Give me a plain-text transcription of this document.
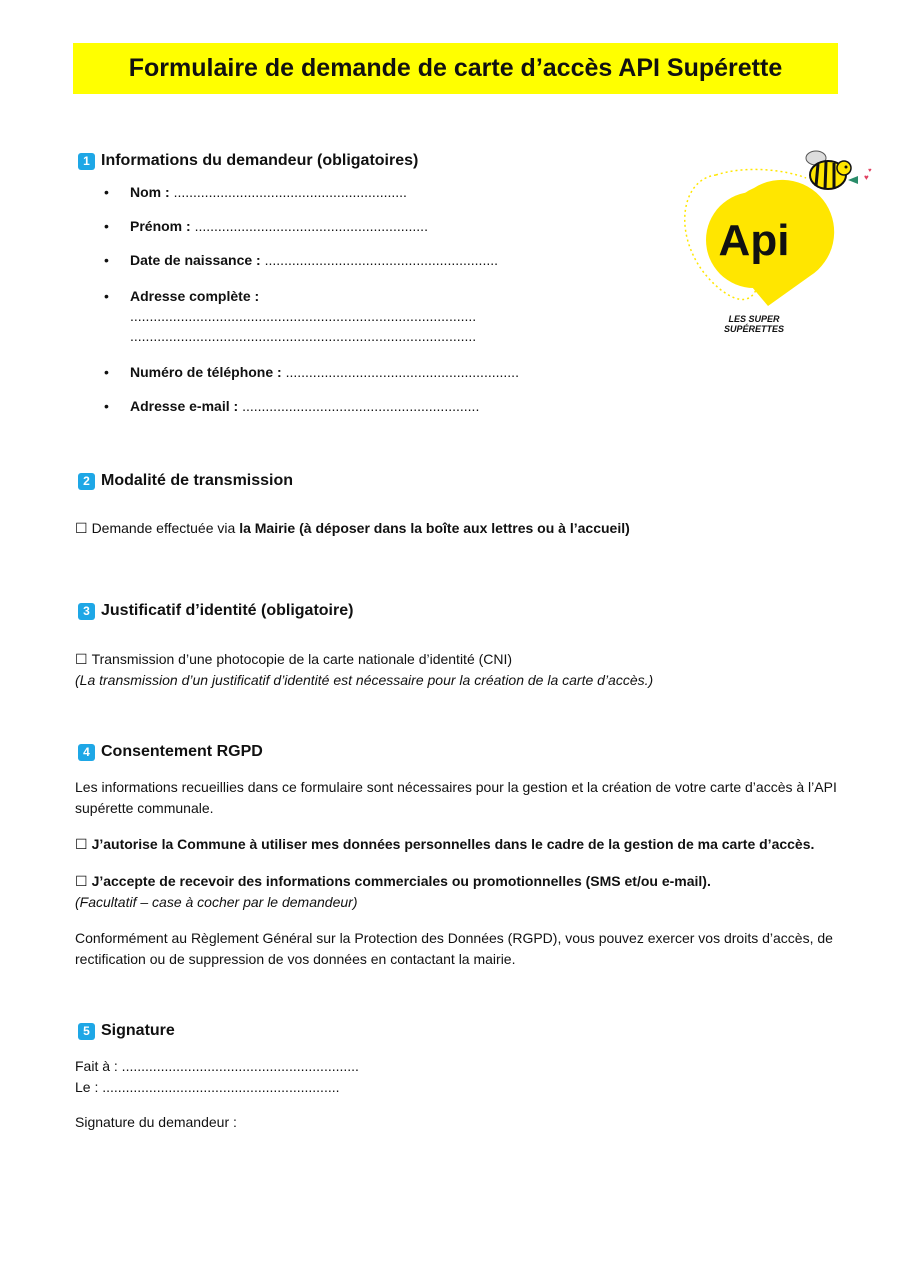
Formulaire de demande de carte d’accès API Supérette
Api
LES SUPER
SUPÉRETTES
♥
♥
1 Informations du demandeur (obligatoires)
• Nom : ............................................................
• Prénom : ............................................................
• Date de naissance : ............................................................
• Adresse complète :
.........................................................................................
.........................................................................................
• Numéro de téléphone : ............................................................
• Adresse e-mail : .............................................................
2 Modalité de transmission
☐ Demande effectuée via la Mairie (à déposer dans la boîte aux lettres ou à l’accueil)
3 Justificatif d’identité (obligatoire)
☐ Transmission d’une photocopie de la carte nationale d’identité (CNI)
(La transmission d’un justificatif d’identité est nécessaire pour la création de la carte d’accès.)
4 Consentement RGPD
Les informations recueillies dans ce formulaire sont nécessaires pour la gestion et la création de votre carte d’accès à l’API supérette communale.
☐ J’autorise la Commune à utiliser mes données personnelles dans le cadre de la gestion de ma carte d’accès.
☐ J’accepte de recevoir des informations commerciales ou promotionnelles (SMS et/ou e-mail).
(Facultatif – case à cocher par le demandeur)
Conformément au Règlement Général sur la Protection des Données (RGPD), vous pouvez exercer vos droits d’accès, de rectification ou de suppression de vos données en contactant la mairie.
5 Signature
Fait à : .............................................................
Le : .............................................................
Signature du demandeur :
